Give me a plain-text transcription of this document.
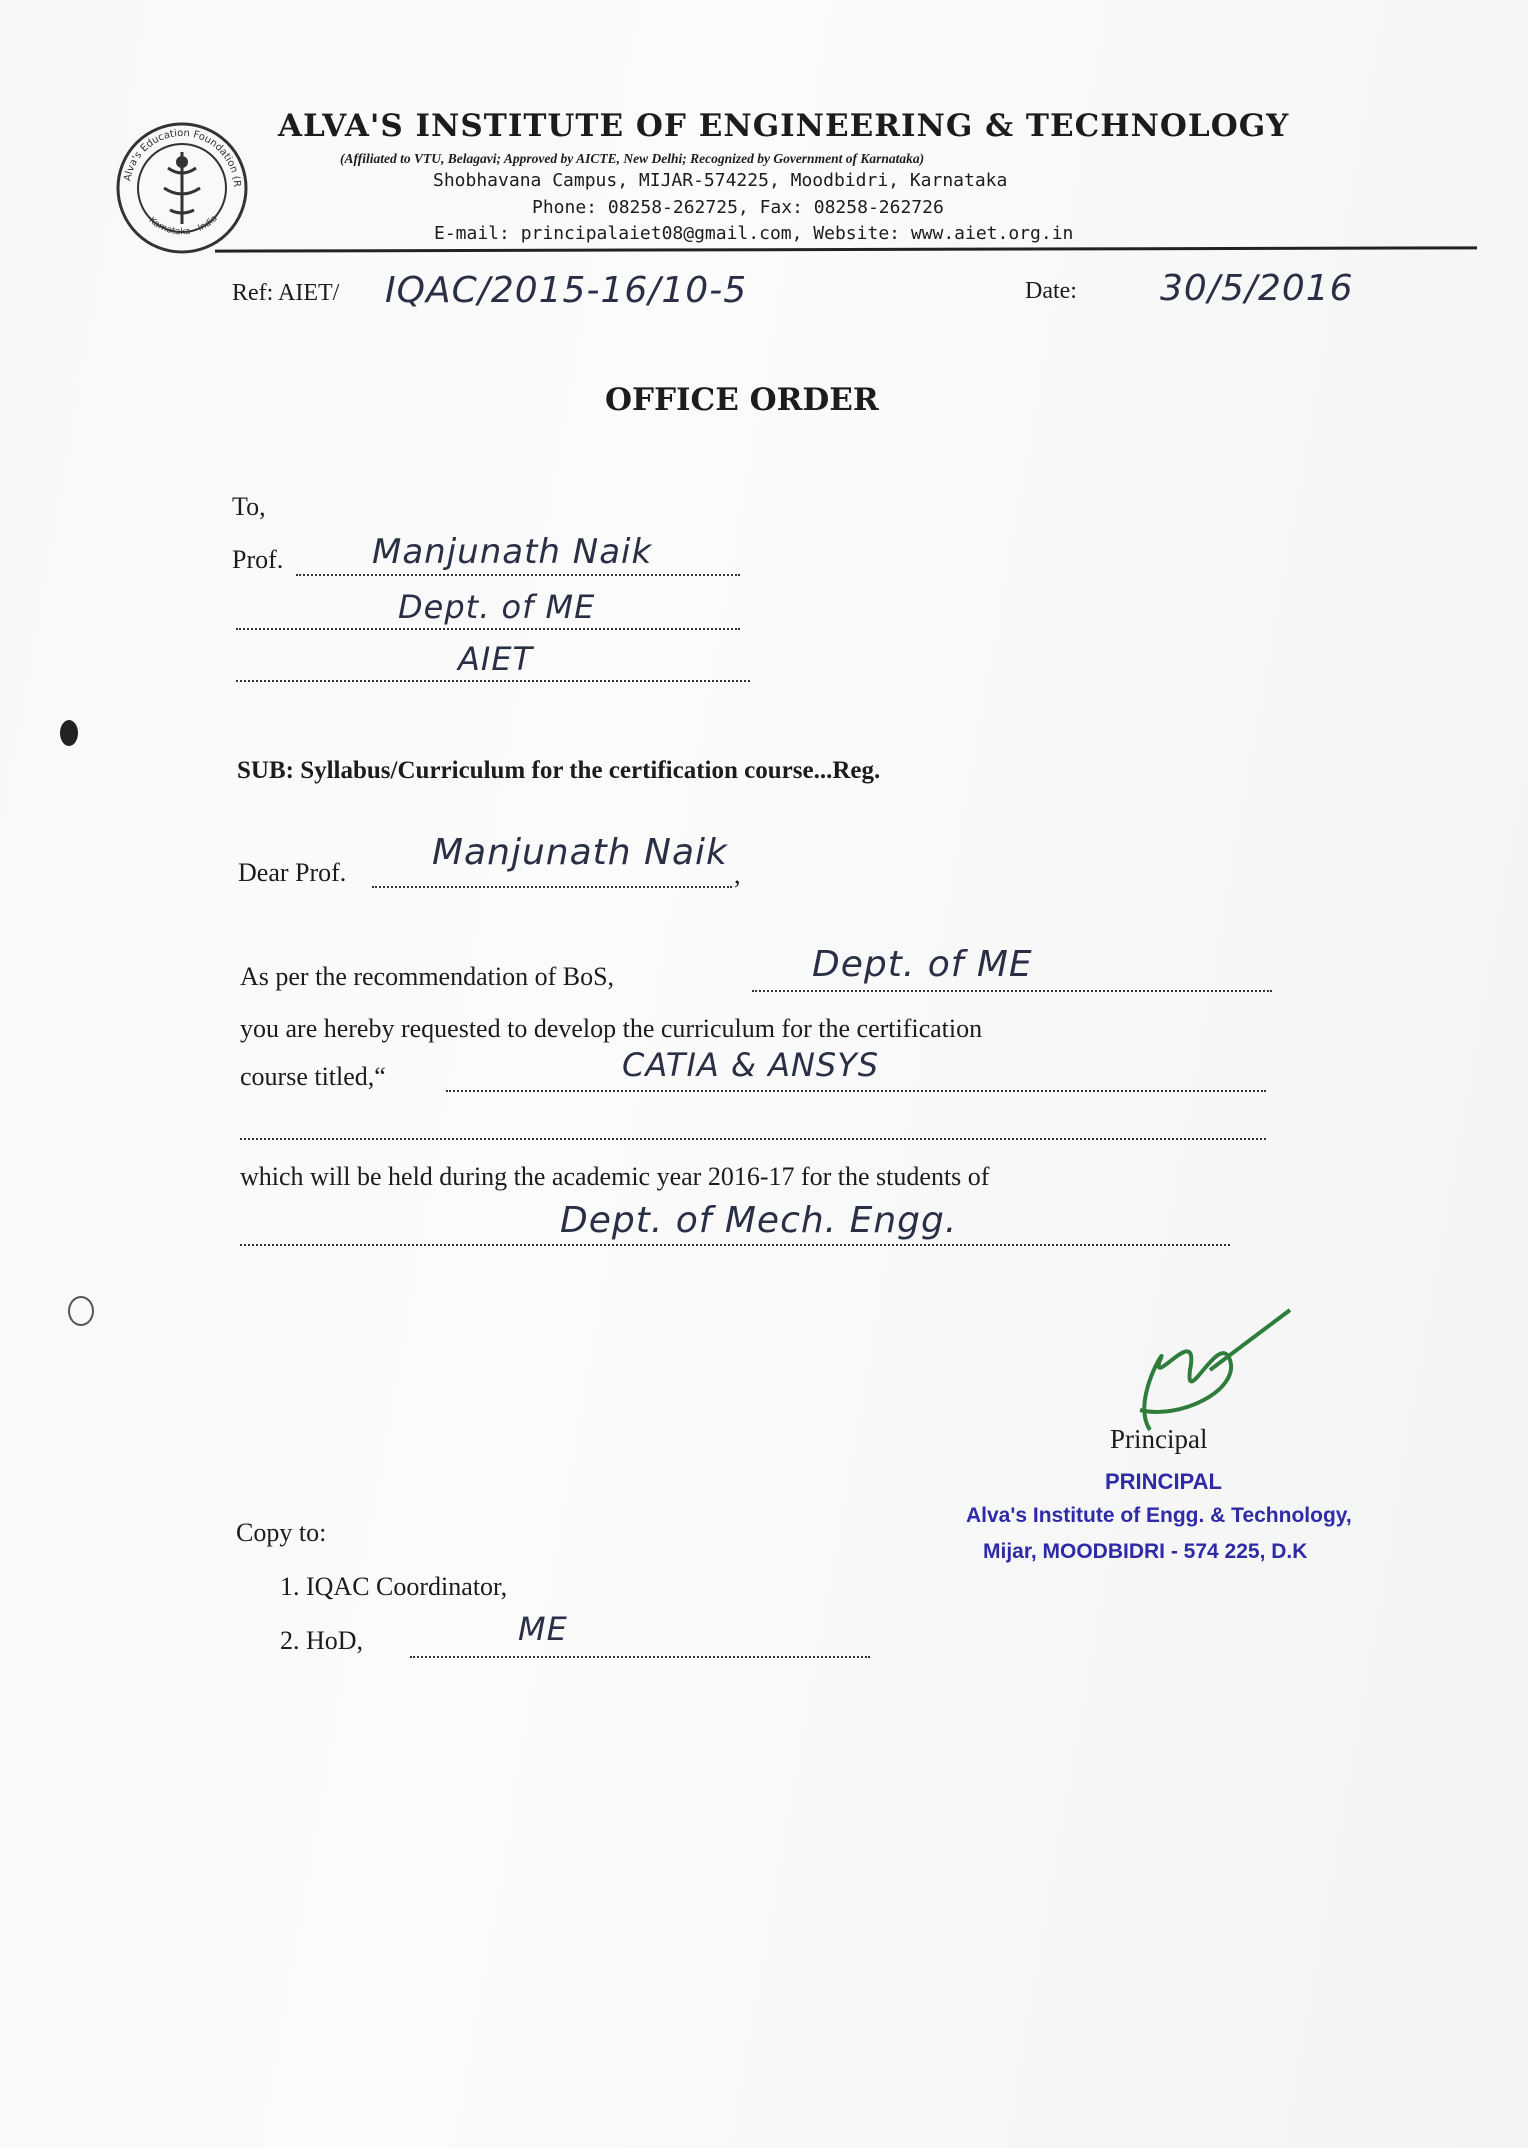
Alva's Education Foundation (R
Karnataka - India
ALVA'S INSTITUTE OF ENGINEERING & TECHNOLOGY
(Affiliated to VTU, Belagavi; Approved by AICTE, New Delhi; Recognized by Government of Karnataka)
Shobhavana Campus, MIJAR-574225, Moodbidri, Karnataka
Phone: 08258-262725, Fax: 08258-262726
E-mail: principalaiet08@gmail.com, Website: www.aiet.org.in
Ref: AIET/ IQAC/2015-16/10-5	Date: 30/5/2016
OFFICE ORDER
To,
Prof.	Manjunath Naik
Dept. of ME
AIET
SUB: Syllabus/Curriculum for the certification course...Reg.
Dear Prof. Manjunath Naik
,
As per the recommendation of BoS,	Dept. of ME
you are hereby requested to develop the curriculum for the certification
course titled,“	CATIA & ANSYS
which will be held during the academic year 2016-17 for the students of
Dept. of Mech. Engg.
Principal
PRINCIPAL
Alva's Institute of Engg. & Technology,
Mijar, MOODBIDRI - 574 225, D.K
Copy to:
1. IQAC Coordinator,
2. HoD,	ME
